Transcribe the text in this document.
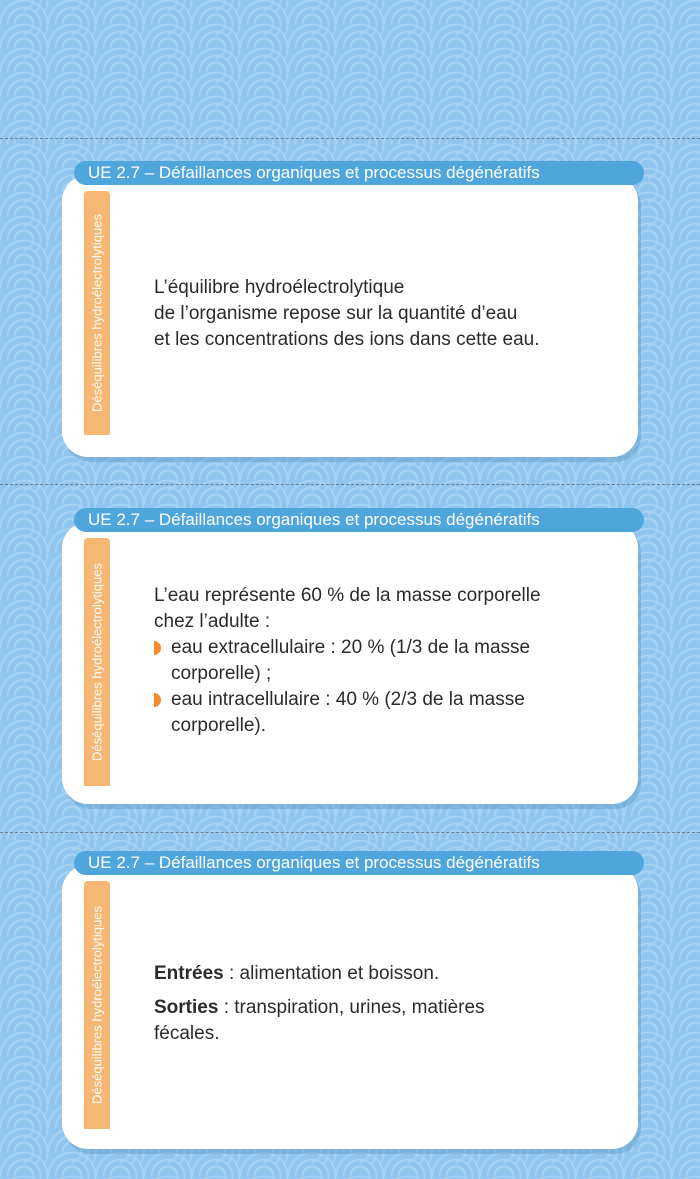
UE 2.7 – Défaillances organiques et processus dégénératifs
Déséquilibres hydroélectrolytiques	L’équilibre hydroélectrolytique

de l’organisme repose sur la quantité d’eau

et les concentrations des ions dans cette eau.

UE 2.7 – Défaillances organiques et processus dégénératifs
Déséquilibres hydroélectrolytiques	L’eau représente 60 % de la masse corporelle

chez l’adulte :

eau extracellulaire : 20 % (1/3 de la masse
corporelle) ;
eau intracellulaire : 40 % (2/3 de la masse
corporelle).
UE 2.7 – Défaillances organiques et processus dégénératifs
Déséquilibres hydroélectrolytiques	Entrées : alimentation et boisson.

Sorties : transpiration, urines, matières
fécales.
